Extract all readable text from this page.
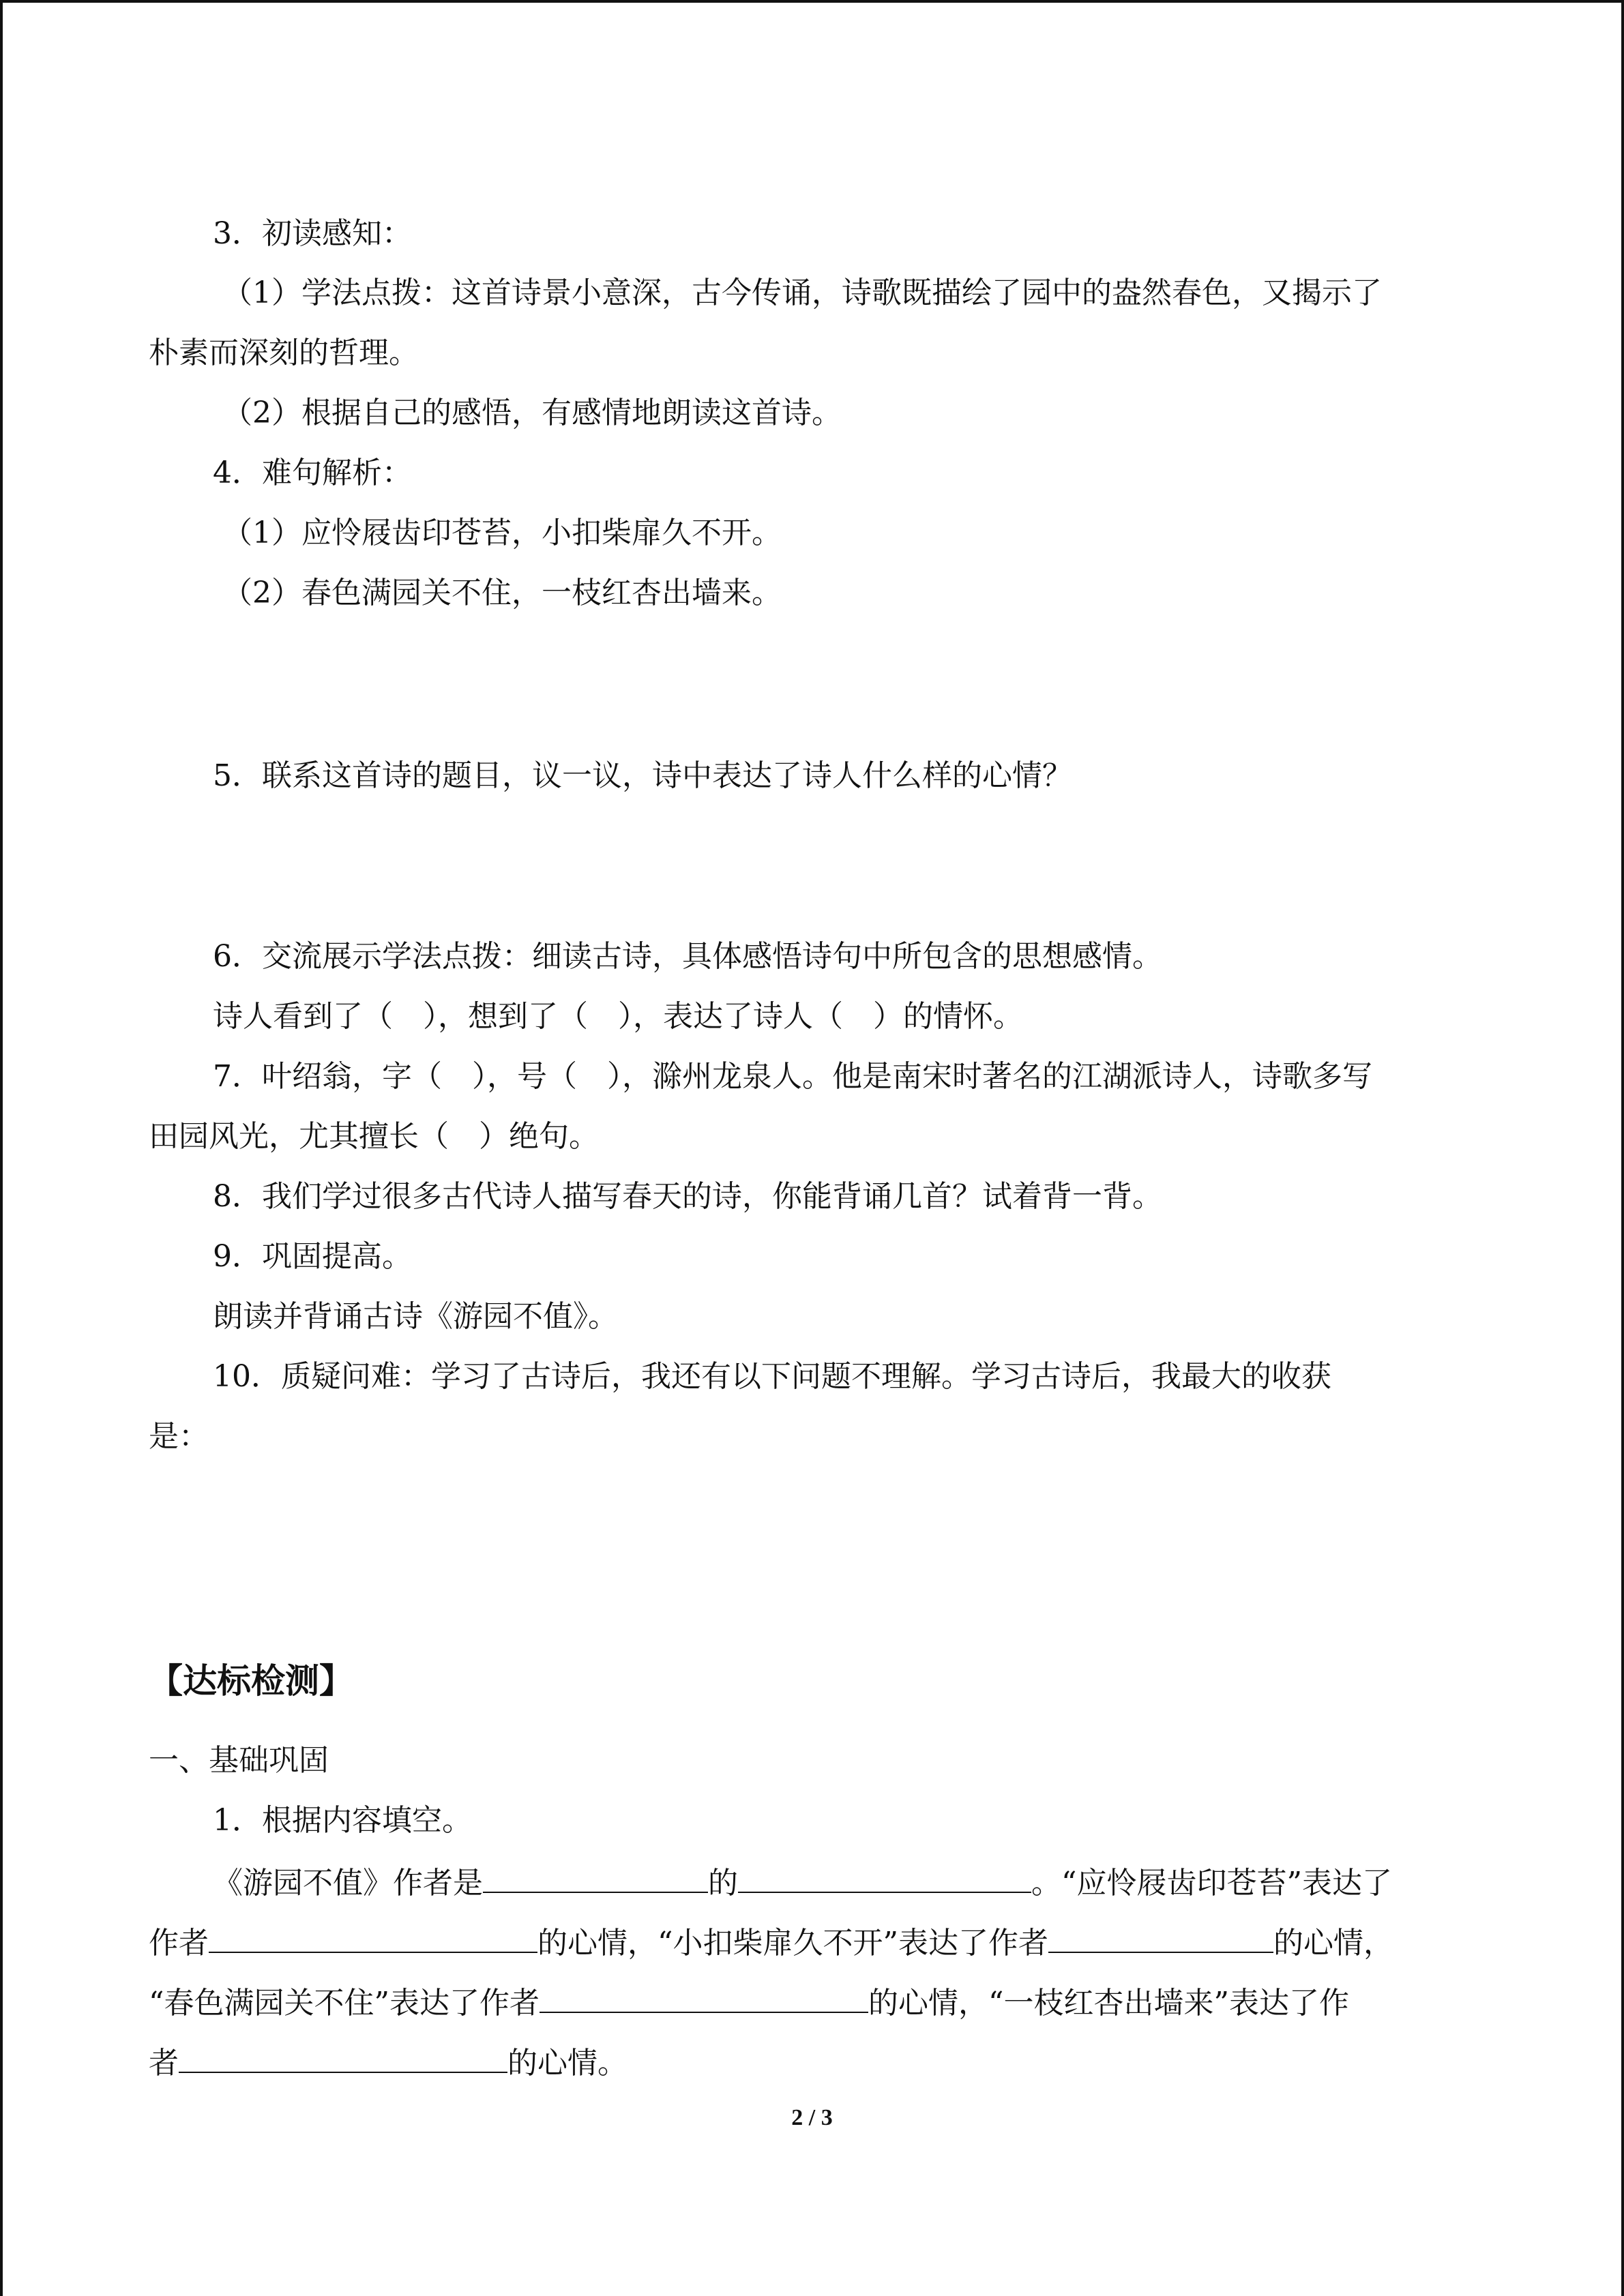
3．初读感知：
（1）学法点拨：这首诗景小意深，古今传诵，诗歌既描绘了园中的盎然春色，又揭示了
朴素而深刻的哲理。
（2）根据自己的感悟，有感情地朗读这首诗。
4．难句解析：
（1）应怜屐齿印苍苔，小扣柴扉久不开。
（2）春色满园关不住，一枝红杏出墙来。
5．联系这首诗的题目，议一议，诗中表达了诗人什么样的心情？
6．交流展示学法点拨：细读古诗，具体感悟诗句中所包含的思想感情。
诗人看到了（　），想到了（　），表达了诗人（　）的情怀。
7．叶绍翁，字（　），号（　），滁州龙泉人。他是南宋时著名的江湖派诗人，诗歌多写
田园风光，尤其擅长（　）绝句。
8．我们学过很多古代诗人描写春天的诗，你能背诵几首？试着背一背。
9．巩固提高。
朗读并背诵古诗《游园不值》。
10．质疑问难：学习了古诗后，我还有以下问题不理解。学习古诗后，我最大的收获
是：
【达标检测】
一、基础巩固
1．根据内容填空。
《游园不值》作者是	的	。“应怜屐齿印苍苔”表达了
作者	的心情，“小扣柴扉久不开”表达了作者	的心情，
“春色满园关不住”表达了作者	的心情，“一枝红杏出墙来”表达了作
者	的心情。
2 / 3
